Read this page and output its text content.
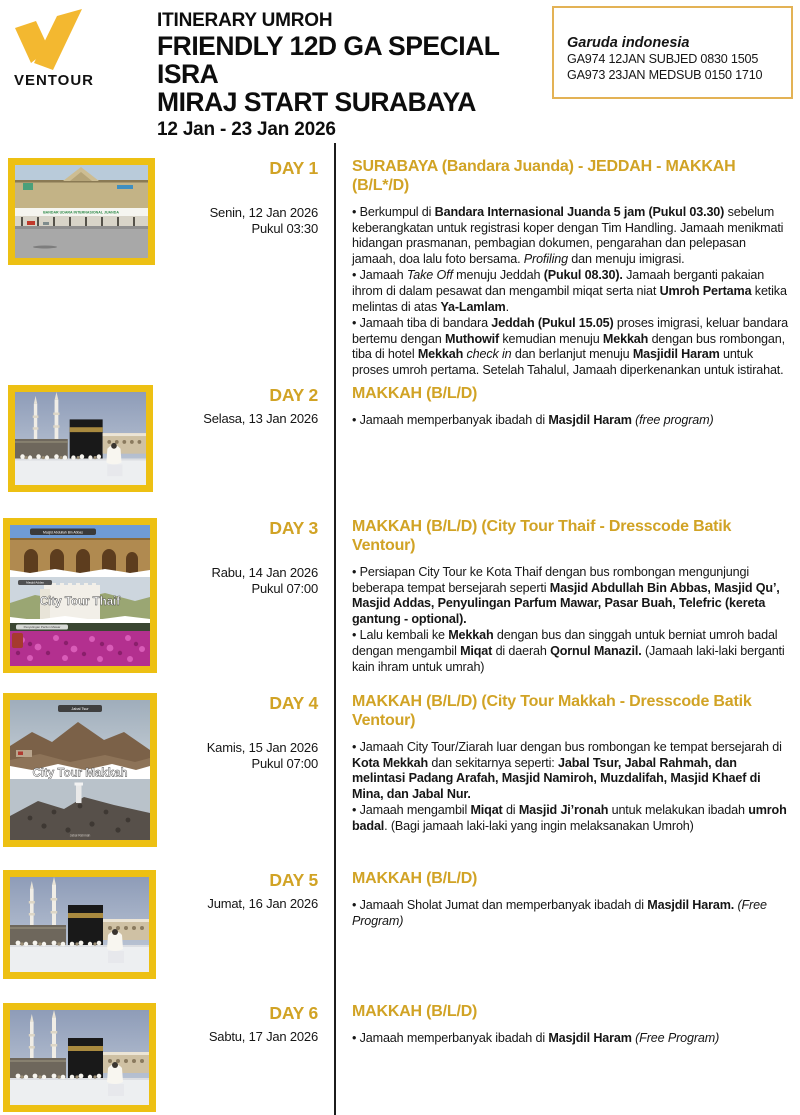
VENTOUR
ITINERARY UMROH
FRIENDLY 12D GA SPECIAL ISRA
MIRAJ START SURABAYA
12 Jan - 23 Jan 2026
Garuda indonesia
GA974 12JAN SUBJED 0830 1505
GA973 23JAN MEDSUB 0150 1710
BANDAR UDARA INTERNASIONAL JUANDA
DAY 1
Senin, 12 Jan 2026
Pukul 03:30
SURABAYA (Bandara Juanda) - JEDDAH - MAKKAH (B/L*/D)

• Berkumpul di Bandara Internasional Juanda 5 jam (Pukul 03.30) sebelum keberangkatan untuk registrasi koper dengan Tim Handling. Jamaah menikmati hidangan prasmanan, pembagian dokumen, pengarahan dan pelepasan jamaah, doa lalu foto bersama. Profiling dan menuju imigrasi.

• Jamaah Take Off menuju Jeddah (Pukul 08.30). Jamaah berganti pakaian ihrom di dalam pesawat dan mengambil miqat serta niat Umroh Pertama ketika melintas di atas Ya-Lamlam.

• Jamaah tiba di bandara Jeddah (Pukul 15.05) proses imigrasi, keluar bandara bertemu dengan Muthowif kemudian menuju Mekkah dengan bus rombongan, tiba di hotel Mekkah check in dan berlanjut menuju Masjidil Haram untuk proses umroh pertama. Setelah Tahalul, Jamaah diperkenankan untuk istirahat.

DAY 2
Selasa, 13 Jan 2026
MAKKAH (B/L/D)

• Jamaah memperbanyak ibadah di Masjdil Haram (free program)

Masjid Abdullah Bin Abbas
Masjid Addas
City Tour Thaif
Penyulingan Parfum Mawar
DAY 3
Rabu, 14 Jan 2026
Pukul 07:00
MAKKAH (B/L/D) (City Tour Thaif - Dresscode Batik Ventour)

• Persiapan City Tour ke Kota Thaif dengan bus rombongan mengunjungi beberapa tempat bersejarah seperti Masjid Abdullah Bin Abbas, Masjid Qu’, Masjid Addas, Penyulingan Parfum Mawar, Pasar Buah, Telefric (kereta gantung - optional).

• Lalu kembali ke Mekkah dengan bus dan singgah untuk berniat umroh badal dengan mengambil Miqat di daerah Qornul Manazil. (Jamaah laki-laki berganti kain ihram untuk umrah)

Jabal Tsur
City Tour Makkah
Jabal Rahmah
DAY 4
Kamis, 15 Jan 2026
Pukul 07:00
MAKKAH (B/L/D) (City Tour Makkah - Dresscode Batik Ventour)

• Jamaah City Tour/Ziarah luar dengan bus rombongan ke tempat bersejarah di Kota Mekkah dan sekitarnya seperti: Jabal Tsur, Jabal Rahmah, dan melintasi Padang Arafah, Masjid Namiroh, Muzdalifah, Masjid Khaef di Mina, dan Jabal Nur.

• Jamaah mengambil Miqat di Masjid Ji’ronah untuk melakukan ibadah umroh badal. (Bagi jamaah laki-laki yang ingin melaksanakan Umroh)

DAY 5
Jumat, 16 Jan 2026
MAKKAH (B/L/D)

• Jamaah Sholat Jumat dan memperbanyak ibadah di Masjdil Haram. (Free Program)

DAY 6
Sabtu, 17 Jan 2026
MAKKAH (B/L/D)

• Jamaah memperbanyak ibadah di Masjdil Haram (Free Program)
